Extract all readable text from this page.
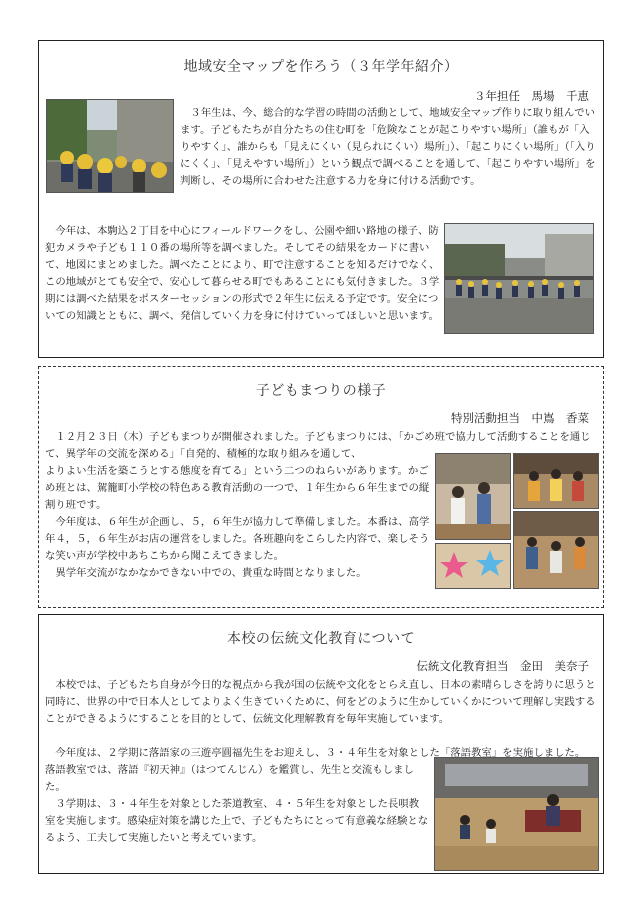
地域安全マップを作ろう（３年学年紹介）
３年担任　馬場　千恵

３年生は、今、総合的な学習の時間の活動として、地域安全マップ作りに取り組んでいます。子どもたちが自分たちの住む町を「危険なことが起こりやすい場所」（誰もが「入りやすく」、誰からも「見えにくい（見られにくい）場所」）、「起こりにくい場所」（「入りにくく」、「見えやすい場所」）という観点で調べることを通して、「起こりやすい場所」を判断し、その場所に合わせた注意する力を身に付ける活動です。

今年は、本駒込２丁目を中心にフィールドワークをし、公園や細い路地の様子、防犯カメラや子ども１１０番の場所等を調べました。そしてその結果をカードに書いて、地図にまとめました。調べたことにより、町で注意することを知るだけでなく、この地域がとても安全で、安心して暮らせる町でもあることにも気付きました。３学期には調べた結果をポスターセッションの形式で２年生に伝える予定です。安全についての知識とともに、調べ、発信していく力を身に付けていってほしいと思います。

子どもまつりの様子
特別活動担当　中嶌　香菜

１２月２３日（木）子どもまつりが開催されました。子どもまつりには、「かごめ班で協力して活動することを通じて、異学年の交流を深める」「自発的、積極的な取り組みを通して、

よりよい生活を築こうとする態度を育てる」という二つのねらいがあります。かごめ班とは、駕籠町小学校の特色ある教育活動の一つで、１年生から６年生までの縦割り班です。
今年度は、６年生が企画し、５，６年生が協力して準備しました。本番は、高学年４，５，６年生がお店の運営をしました。各班趣向をこらした内容で、楽しそうな笑い声が学校中あちこちから聞こえてきました。
異学年交流がなかなかできない中での、貴重な時間となりました。

本校の伝統文化教育について
伝統文化教育担当　金田　美奈子

本校では、子どもたち自身が今日的な視点から我が国の伝統や文化をとらえ直し、日本の素晴らしさを誇りに思うと同時に、世界の中で日本人としてよりよく生きていくために、何をどのように生かしていくかについて理解し実践することができるようにすることを目的として、伝統文化理解教育を毎年実施しています。

今年度は、２学期に落語家の三遊亭圓福先生をお迎えし、３・４年生を対象とした「落語教室」を実施しました。

落語教室では、落語『初天神』（はつてんじん）を鑑賞し、先生と交流もしました。

３学期は、３・４年生を対象とした茶道教室、４・５年生を対象とした長唄教室を実施します。感染症対策を講じた上で、子どもたちにとって有意義な経験となるよう、工夫して実施したいと考えています。
